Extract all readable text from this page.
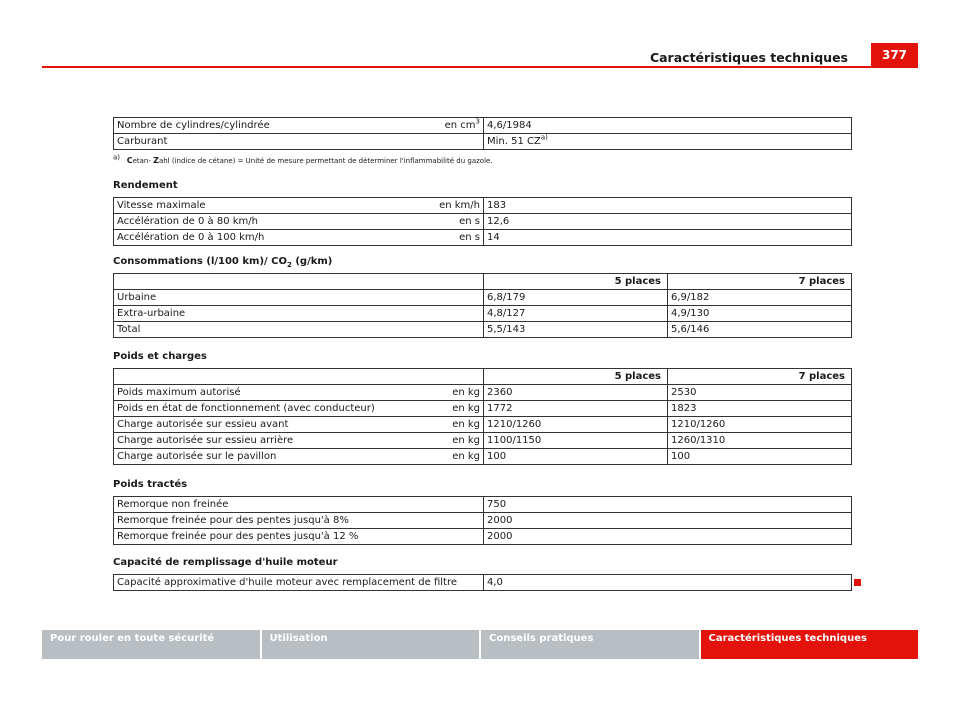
Caractéristiques techniques	377
Nombre de cylindres/cylindrée	en $cm^3$	4,6/1984
Carburant		Min. 51 CZ$^{a)}$
$^{a)}$ Cetan- Zahl (indice de cétane) = Unité de mesure permettant de déterminer l'inflammabilité du gazole.
Rendement
Vitesse maximale	en km/h	183
Accélération de 0 à 80 km/h	en s	12,6
Accélération de 0 à 100 km/h	en s	14
Consommations (l/100 km)/ $CO_2$ (g/km)
	5 places	7 places
Urbaine	6,8/179	6,9/182
Extra-urbaine	4,8/127	4,9/130
Total	5,5/143	5,6/146
Poids et charges
		5 places	7 places
Poids maximum autorisé	en kg	2360	2530
Poids en état de fonctionnement (avec conducteur)	en kg	1772	1823
Charge autorisée sur essieu avant	en kg	1210/1260	1210/1260
Charge autorisée sur essieu arrière	en kg	1100/1150	1260/1310
Charge autorisée sur le pavillon	en kg	100	100
Poids tractés
Remorque non freinée	750
Remorque freinée pour des pentes jusqu'à 8%	2000
Remorque freinée pour des pentes jusqu'à 12 %	2000
Capacité de remplissage d'huile moteur
Capacité approximative d'huile moteur avec remplacement de filtre	4,0
Pour rouler en toute sécurité	Utilisation	Conseils pratiques	Caractéristiques techniques
